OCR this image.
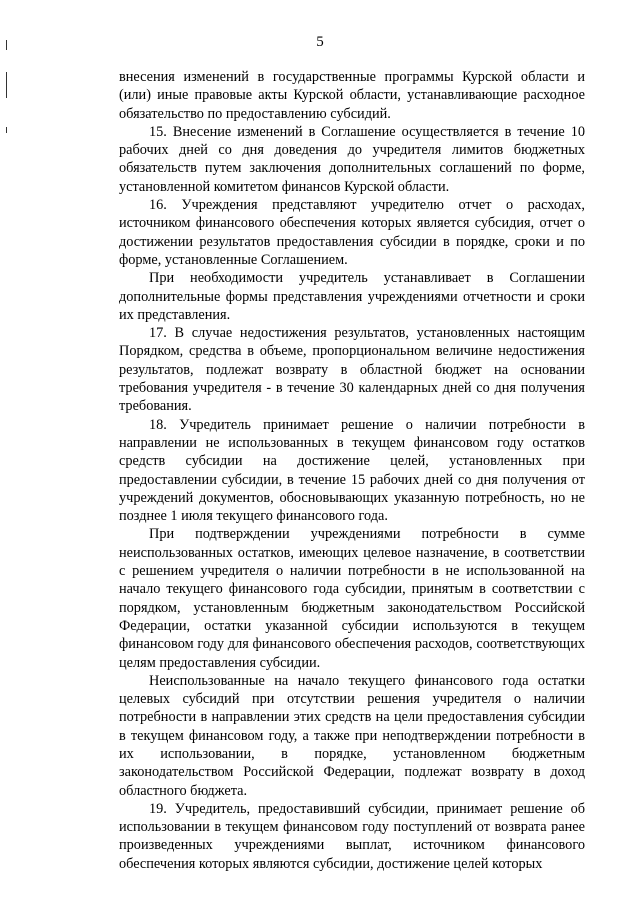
5

внесения изменений в государственные программы Курской области и (или) иные правовые акты Курской области, устанавливающие расходное обязательство по предоставлению субсидий.

15. Внесение изменений в Соглашение осуществляется в течение 10 рабочих дней со дня доведения до учредителя лимитов бюджетных обязательств путем заключения дополнительных соглашений по форме, установленной комитетом финансов Курской области.

16. Учреждения представляют учредителю отчет о расходах, источником финансового обеспечения которых является субсидия, отчет о достижении результатов предоставления субсидии в порядке, сроки и по форме, установленные Соглашением.

При необходимости учредитель устанавливает в Соглашении дополнительные формы представления учреждениями отчетности и сроки их представления.

17. В случае недостижения результатов, установленных настоящим Порядком, средства в объеме, пропорциональном величине недостижения результатов, подлежат возврату в областной бюджет на основании требования учредителя - в течение 30 календарных дней со дня получения требования.

18. Учредитель принимает решение о наличии потребности в направлении не использованных в текущем финансовом году остатков средств субсидии на достижение целей, установленных при предоставлении субсидии, в течение 15 рабочих дней со дня получения от учреждений документов, обосновывающих указанную потребность, но не позднее 1 июля текущего финансового года.

При подтверждении учреждениями потребности в сумме неиспользованных остатков, имеющих целевое назначение, в соответствии с решением учредителя о наличии потребности в не использованной на начало текущего финансового года субсидии, принятым в соответствии с порядком, установленным бюджетным законодательством Российской Федерации, остатки указанной субсидии используются в текущем финансовом году для финансового обеспечения расходов, соответствующих целям предоставления субсидии.

Неиспользованные на начало текущего финансового года остатки целевых субсидий при отсутствии решения учредителя о наличии потребности в направлении этих средств на цели предоставления субсидии в текущем финансовом году, а также при неподтверждении потребности в их использовании, в порядке, установленном бюджетным законодательством Российской Федерации, подлежат возврату в доход областного бюджета.

19. Учредитель, предоставивший субсидии, принимает решение об использовании в текущем финансовом году поступлений от возврата ранее произведенных учреждениями выплат, источником финансового обеспечения которых являются субсидии, достижение целей которых
